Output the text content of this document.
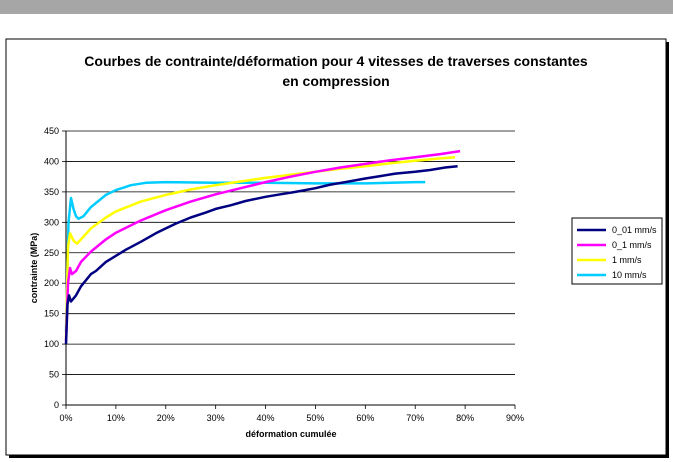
Courbes de contrainte/déformation pour 4 vitesses de traverses constantes
en compression
0
50
100
150
200
250
300
350
400
450
0%	10%	20%	30%	40%	50%	60%	70%	80%	90%
déformation cumulée
contrainte (MPa)
0_01 mm/s
0_1 mm/s
1 mm/s
10 mm/s
